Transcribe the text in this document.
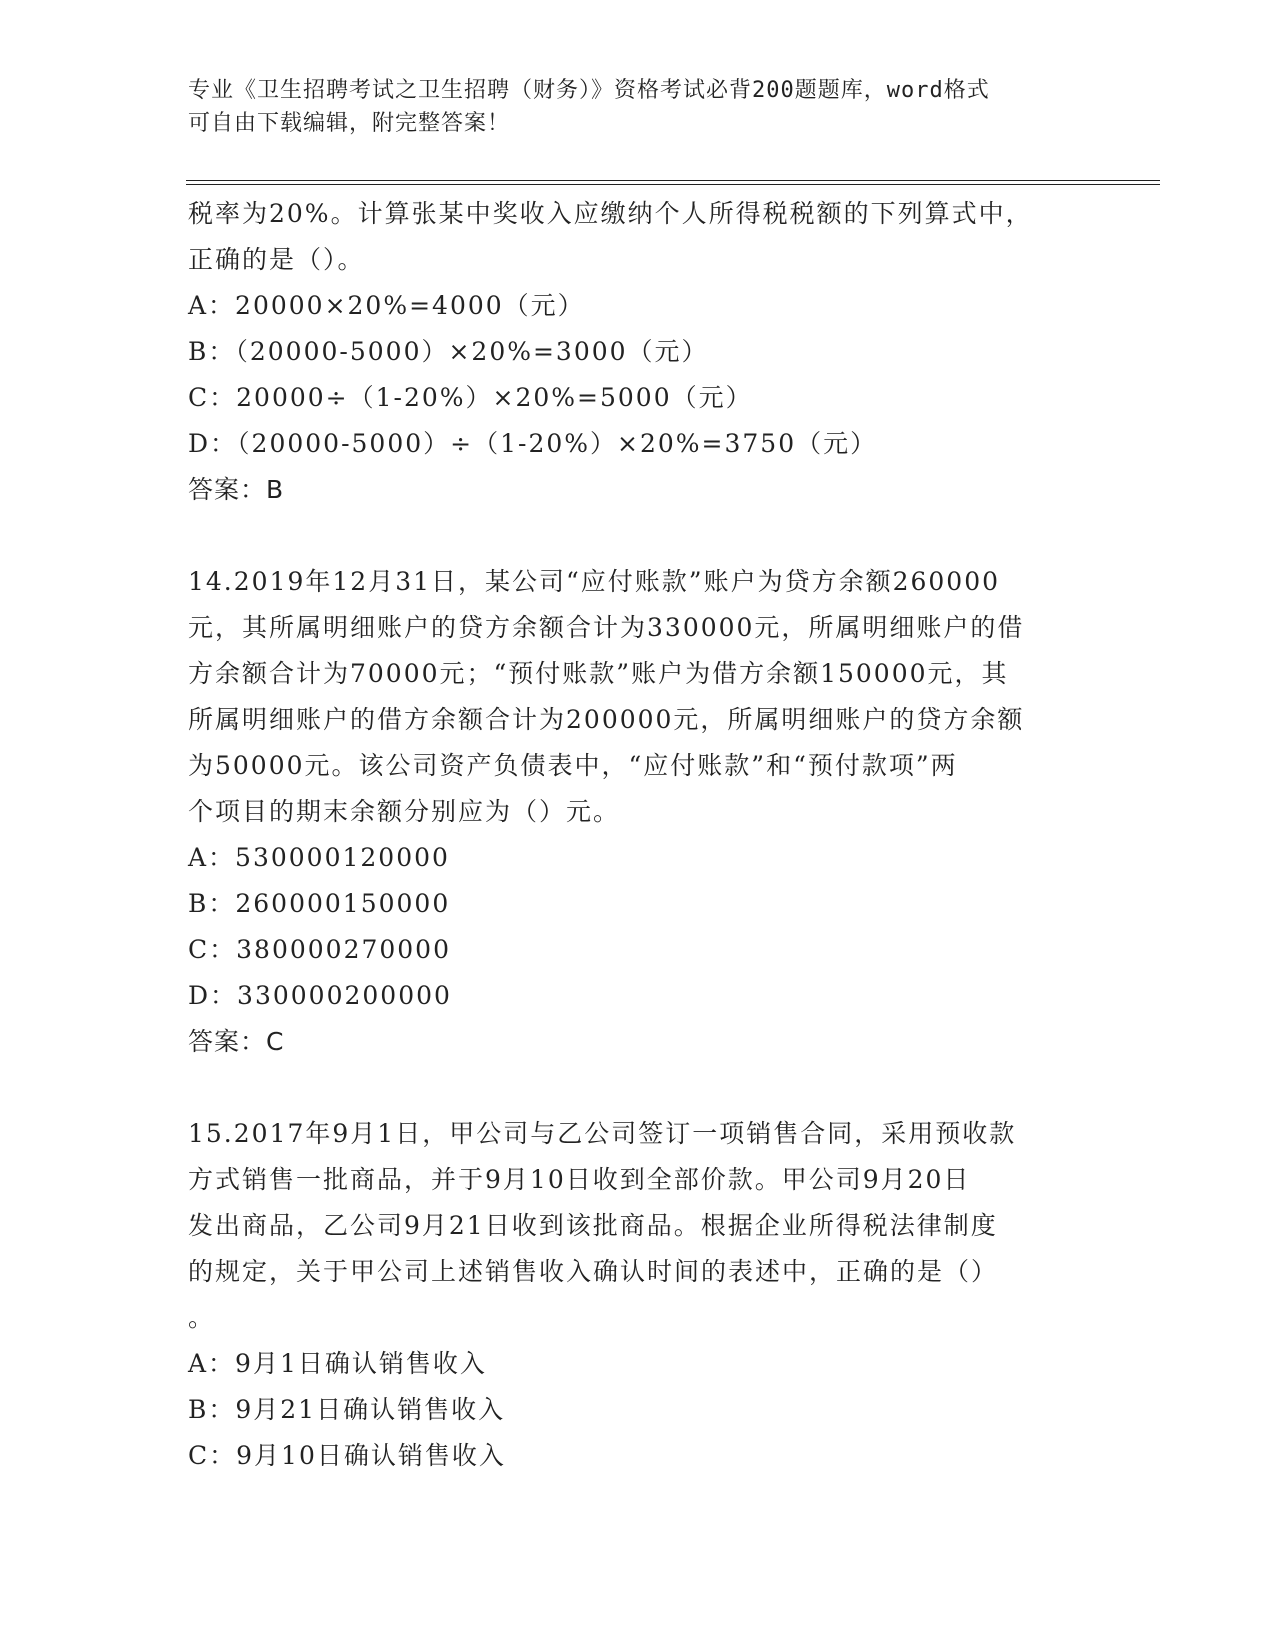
专业《卫生招聘考试之卫生招聘（财务）》资格考试必背200题题库，word格式
可自由下载编辑，附完整答案！
税率为20%。计算张某中奖收入应缴纳个人所得税税额的下列算式中，
正确的是（）。
A：20000×20%=4000（元）
B：（20000-5000）×20%=3000（元）
C：20000÷（1-20%）×20%=5000（元）
D：（20000-5000）÷（1-20%）×20%=3750（元）
答案：B
14.2019年12月31日，某公司“应付账款”账户为贷方余额260000
元，其所属明细账户的贷方余额合计为330000元，所属明细账户的借
方余额合计为70000元；“预付账款”账户为借方余额150000元，其
所属明细账户的借方余额合计为200000元，所属明细账户的贷方余额
为50000元。该公司资产负债表中，“应付账款”和“预付款项”两
个项目的期末余额分别应为（）元。
A：530000120000
B：260000150000
C：380000270000
D：330000200000
答案：C
15.2017年9月1日，甲公司与乙公司签订一项销售合同，采用预收款
方式销售一批商品，并于9月10日收到全部价款。甲公司9月20日
发出商品，乙公司9月21日收到该批商品。根据企业所得税法律制度
的规定，关于甲公司上述销售收入确认时间的表述中，正确的是（）
。
A：9月1日确认销售收入
B：9月21日确认销售收入
C：9月10日确认销售收入
